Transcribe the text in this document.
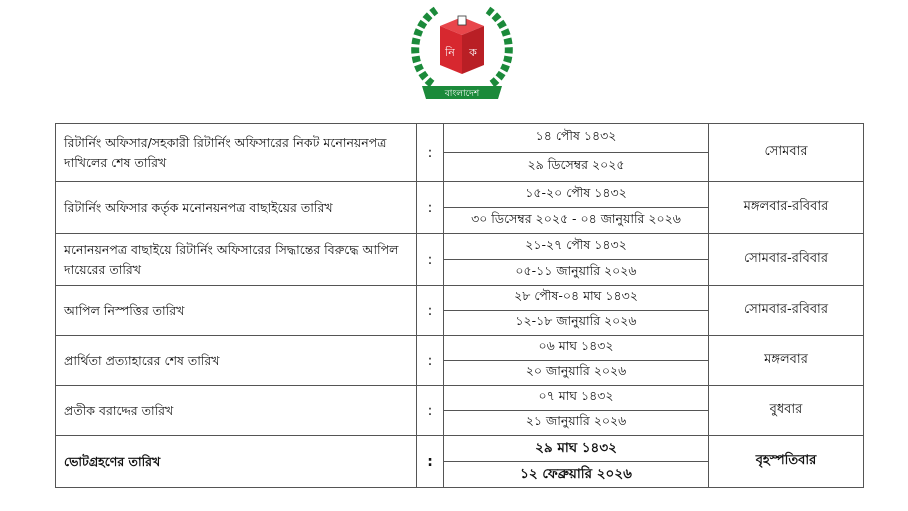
নি ক
বাংলাদেশ
রিটার্নিং অফিসার/সহকারী রিটার্নিং অফিসারের নিকট মনোনয়নপত্র দাখিলের শেষ তারিখ	:	১৪ পৌষ ১৪৩২	সোমবার
		২৯ ডিসেম্বর ২০২৫	
রিটার্নিং অফিসার কর্তৃক মনোনয়নপত্র বাছাইয়ের তারিখ	:	১৫-২০ পৌষ ১৪৩২	মঙ্গলবার-রবিবার
		৩০ ডিসেম্বর ২০২৫ - ০৪ জানুয়ারি ২০২৬	
মনোনয়নপত্র বাছাইয়ে রিটার্নিং অফিসারের সিদ্ধান্তের বিরুদ্ধে আপিল দায়েরের তারিখ	:	২১-২৭ পৌষ ১৪৩২	সোমবার-রবিবার
		০৫-১১ জানুয়ারি ২০২৬	
আপিল নিস্পত্তির তারিখ	:	২৮ পৌষ-০৪ মাঘ ১৪৩২	সোমবার-রবিবার
		১২-১৮ জানুয়ারি ২০২৬	
প্রার্থিতা প্রত্যাহারের শেষ তারিখ	:	০৬ মাঘ ১৪৩২	মঙ্গলবার
		২০ জানুয়ারি ২০২৬	
প্রতীক বরাদ্দের তারিখ	:	০৭ মাঘ ১৪৩২	বুধবার
		২১ জানুয়ারি ২০২৬	
ভোটগ্রহণের তারিখ	:	২৯ মাঘ ১৪৩২	বৃহস্পতিবার
		১২ ফেব্রুয়ারি ২০২৬	
